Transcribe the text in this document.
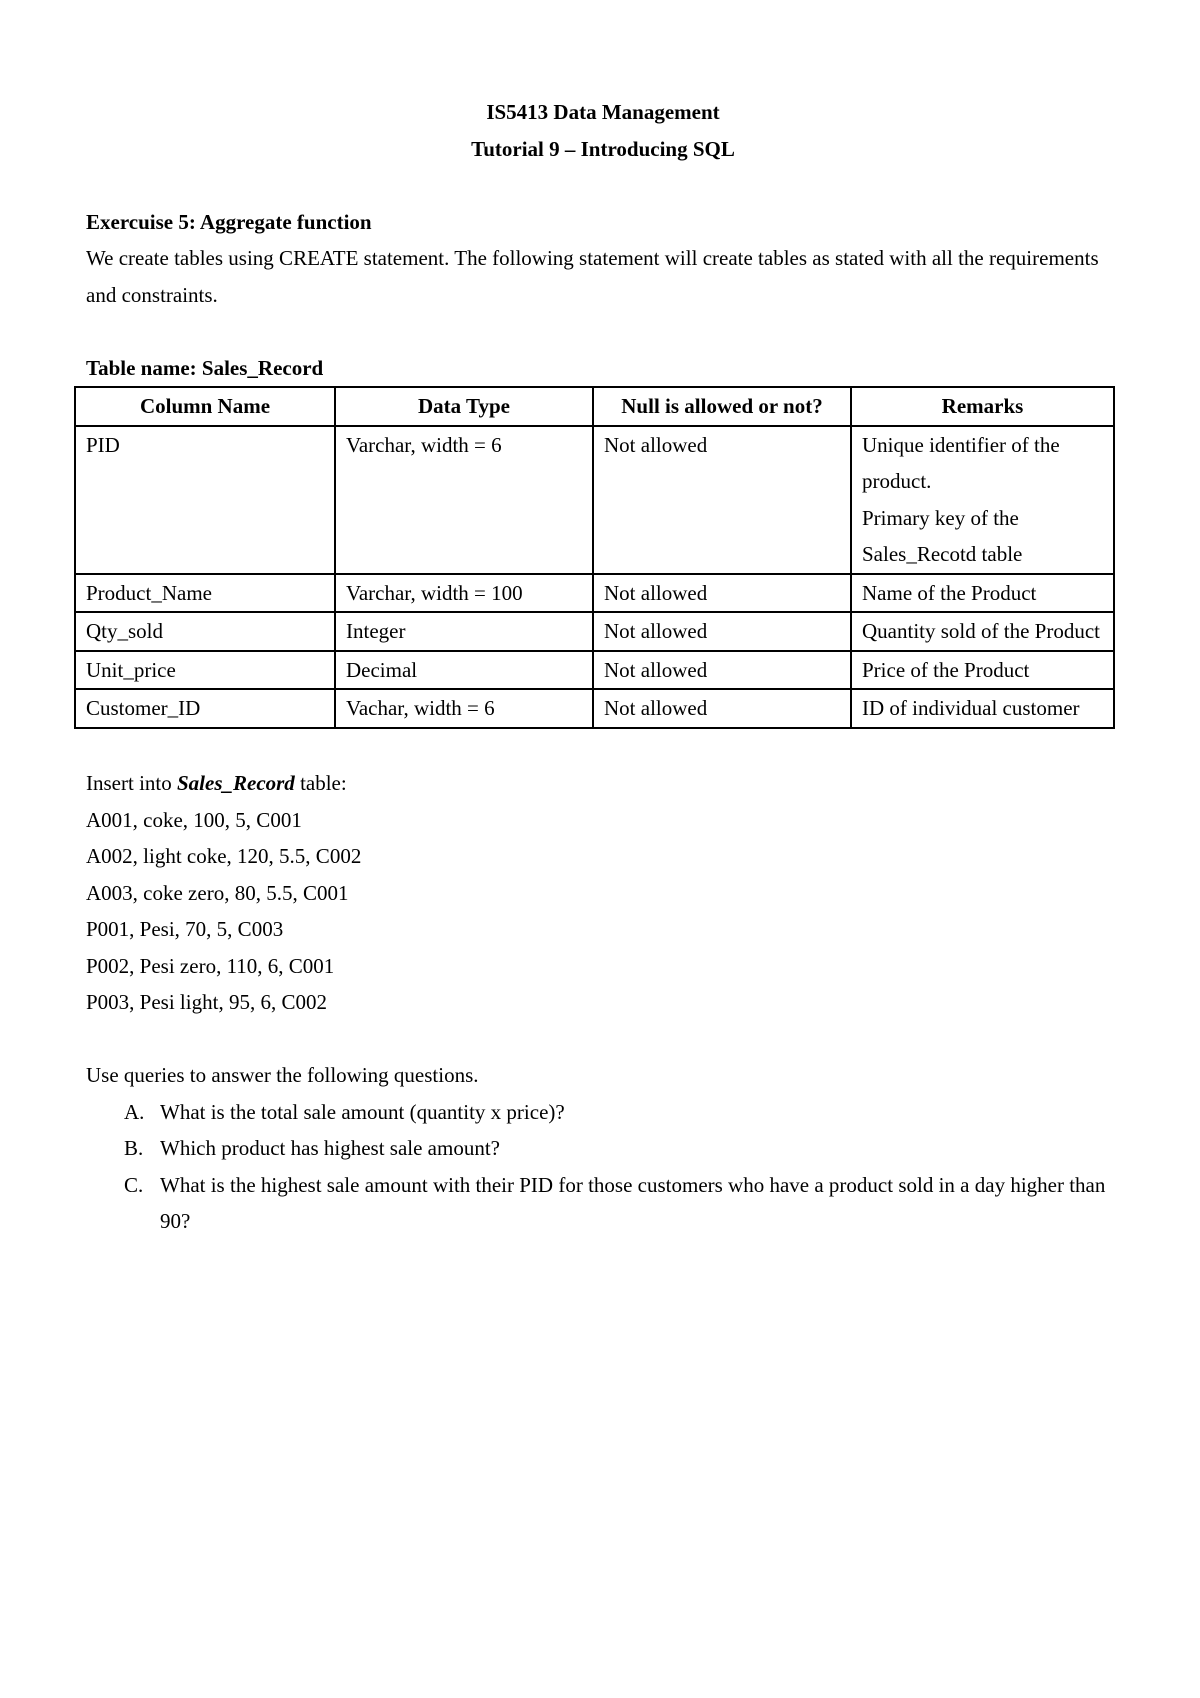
IS5413 Data Management

Tutorial 9 – Introducing SQL

Exercuise 5: Aggregate function

We create tables using CREATE statement. The following statement will create tables as stated with all the requirements and constraints.

Table name: Sales_Record

Column Name	Data Type	Null is allowed or not?	Remarks
PID	Varchar, width = 6	Not allowed	Unique identifier of the product.
Primary key of the Sales_Recotd table

Product_Name	Varchar, width = 100	Not allowed	Name of the Product
Qty_sold	Integer	Not allowed	Quantity sold of the Product
Unit_price	Decimal	Not allowed	Price of the Product
Customer_ID	Vachar, width = 6	Not allowed	ID of individual customer

Insert into Sales_Record table:

A001, coke, 100, 5, C001

A002, light coke, 120, 5.5, C002

A003, coke zero, 80, 5.5, C001

P001, Pesi, 70, 5, C003

P002, Pesi zero, 110, 6, C001

P003, Pesi light, 95, 6, C002

Use queries to answer the following questions.

A. What is the total sale amount (quantity x price)?
B. Which product has highest sale amount?
C. What is the highest sale amount with their PID for those customers who have a product sold in a day higher than 90?
